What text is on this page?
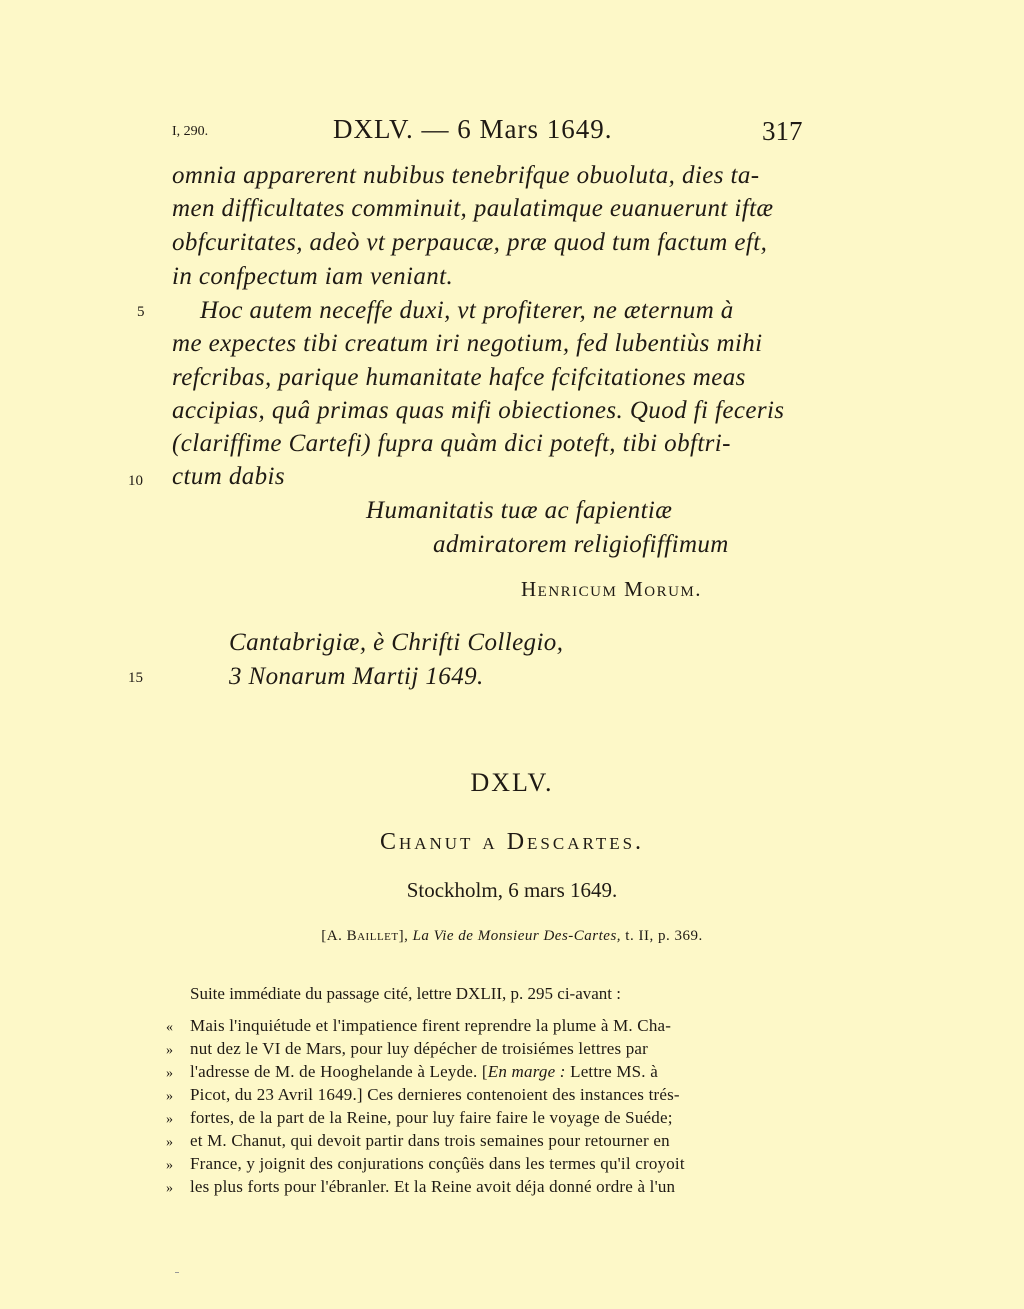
I, 290.	DXLV. — 6 Mars 1649.	317
omnia apparerent nubibus tenebrifque obuoluta, dies ta-
men difficultates comminuit, paulatimque euanuerunt iftæ
obfcuritates, adeò vt perpaucæ, præ quod tum factum eft,
in confpectum iam veniant.
Hoc autem neceffe duxi, vt profiterer, ne æternum à
me expectes tibi creatum iri negotium, fed lubentiùs mihi
refcribas, parique humanitate hafce fcifcitationes meas
accipias, quâ primas quas mifi obiectiones. Quod fi feceris
(clariffime Cartefi) fupra quàm dici poteft, tibi obftri-
ctum dabis
5
10
15
Humanitatis tuæ ac fapientiæ
admiratorem religiofiffimum
Henricum Morum.
Cantabrigiæ, è Chrifti Collegio,
3 Nonarum Martij 1649.
DXLV.
Chanut a Descartes.
Stockholm, 6 mars 1649.
[A. Baillet], La Vie de Monsieur Des-Cartes, t. II, p. 369.
Suite immédiate du passage cité, lettre DXLII, p. 295 ci-avant :
«
»
»
»
»
»
»
»
Mais l'inquiétude et l'impatience firent reprendre la plume à M. Cha-
nut dez le VI de Mars, pour luy dépécher de troisiémes lettres par
l'adresse de M. de Hooghelande à Leyde. [En marge : Lettre MS. à
Picot, du 23 Avril 1649.] Ces dernieres contenoient des instances trés-
fortes, de la part de la Reine, pour luy faire faire le voyage de Suéde;
et M. Chanut, qui devoit partir dans trois semaines pour retourner en
France, y joignit des conjurations conçûës dans les termes qu'il croyoit
les plus forts pour l'ébranler. Et la Reine avoit déja donné ordre à l'un
